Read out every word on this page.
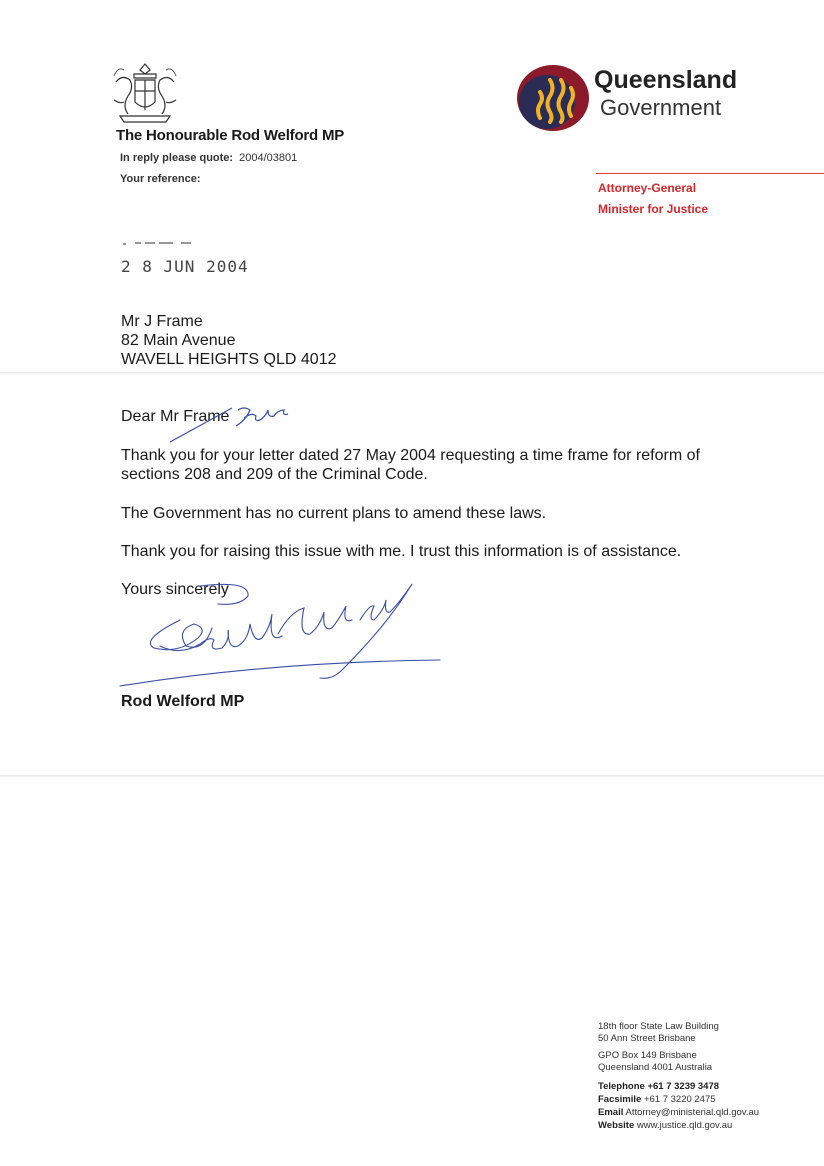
The Honourable Rod Welford MP
In reply please quote: 2004/03801
Your reference:
Queensland
Government
Attorney-General
Minister for Justice
2 8 JUN 2004
Mr J Frame
82 Main Avenue
WAVELL HEIGHTS QLD 4012
Dear Mr Frame
Thank you for your letter dated 27 May 2004 requesting a time frame for reform of sections 208 and 209 of the Criminal Code.
The Government has no current plans to amend these laws.
Thank you for raising this issue with me. I trust this information is of assistance.
Yours sincerely
Rod Welford MP
18th floor State Law Building
50 Ann Street Brisbane
GPO Box 149 Brisbane
Queensland 4001 Australia
Telephone +61 7 3239 3478
Facsimile +61 7 3220 2475
Email Attorney@ministerial.qld.gov.au
Website www.justice.qld.gov.au
